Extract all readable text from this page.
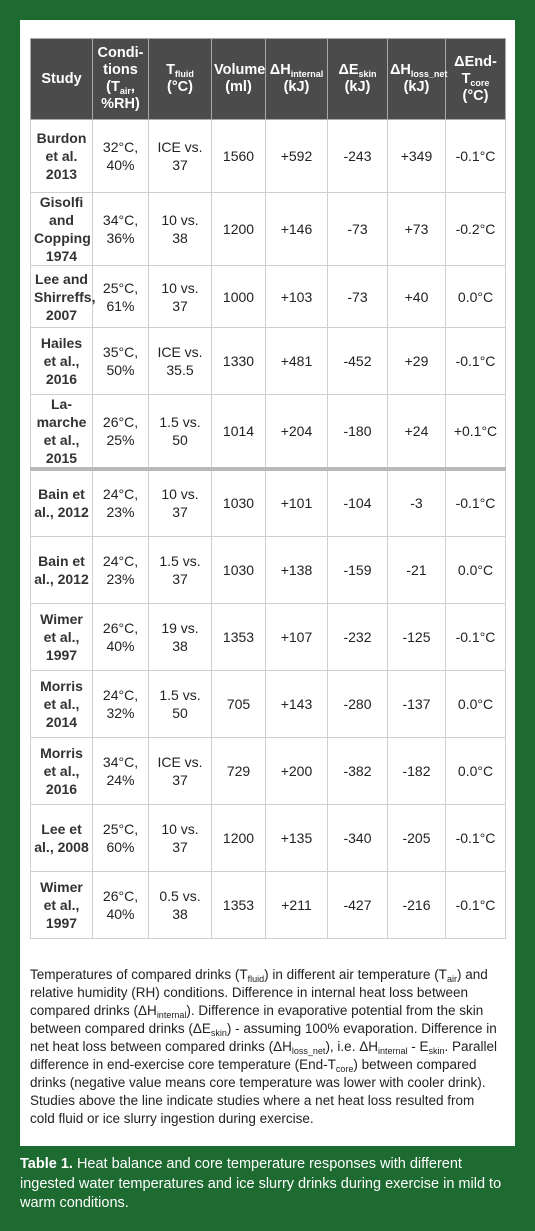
Study	Condi-
tions
($T_{air}$,
%RH)	$T_{fluid}$
(°C)	Volume
(ml)	$\Delta H_{internal}$
(kJ)	$\Delta E_{skin}$
(kJ)	$\Delta H_{loss\_net}$
(kJ)	ΔEnd-
$T_{core}$
(°C)
Burdon
et al.
2013	32°C,
40%	ICE vs. 37	1560	+592	-243	+349	-0.1°C
Gisolfi
and
Copping
1974	34°C,
36%	10 vs. 38	1200	+146	-73	+73	-0.2°C
Lee and
Shirreffs,
2007	25°C,
61%	10 vs. 37	1000	+103	-73	+40	0.0°C
Hailes
et al.,
2016	35°C,
50%	ICE vs.
35.5	1330	+481	-452	+29	-0.1°C
La-
marche
et al.,
2015	26°C,
25%	1.5 vs. 50	1014	+204	-180	+24	+0.1°C
Bain et
al., 2012	24°C,
23%	10 vs. 37	1030	+101	-104	-3	-0.1°C
Bain et
al., 2012	24°C,
23%	1.5 vs. 37	1030	+138	-159	-21	0.0°C
Wimer
et al.,
1997	26°C,
40%	19 vs. 38	1353	+107	-232	-125	-0.1°C
Morris
et al.,
2014	24°C,
32%	1.5 vs. 50	705	+143	-280	-137	0.0°C
Morris
et al.,
2016	34°C,
24%	ICE vs. 37	729	+200	-382	-182	0.0°C
Lee et
al., 2008	25°C,
60%	10 vs. 37	1200	+135	-340	-205	-0.1°C
Wimer
et al.,
1997	26°C,
40%	0.5 vs. 38	1353	+211	-427	-216	-0.1°C
Temperatures of compared drinks $(T_{fluid})$ in different air temperature $(T_{air})$ and relative humidity (RH) conditions. Difference in internal heat loss between compared drinks $(\Delta H_{internal})$. Difference in evaporative potential from the skin between compared drinks $(\Delta E_{skin})$ - assuming 100% evaporation. Difference in net heat loss between compared drinks $(\Delta H_{loss\_net})$, i.e. $\Delta H_{internal} - E_{skin}$. Parallel difference in end-exercise core temperature $(End-T_{core})$ between compared drinks (negative value means core temperature was lower with cooler drink). Studies above the line indicate studies where a net heat loss resulted from cold fluid or ice slurry ingestion during exercise.
Table 1. Heat balance and core temperature responses with different ingested water temperatures and ice slurry drinks during exercise in mild to warm conditions.
